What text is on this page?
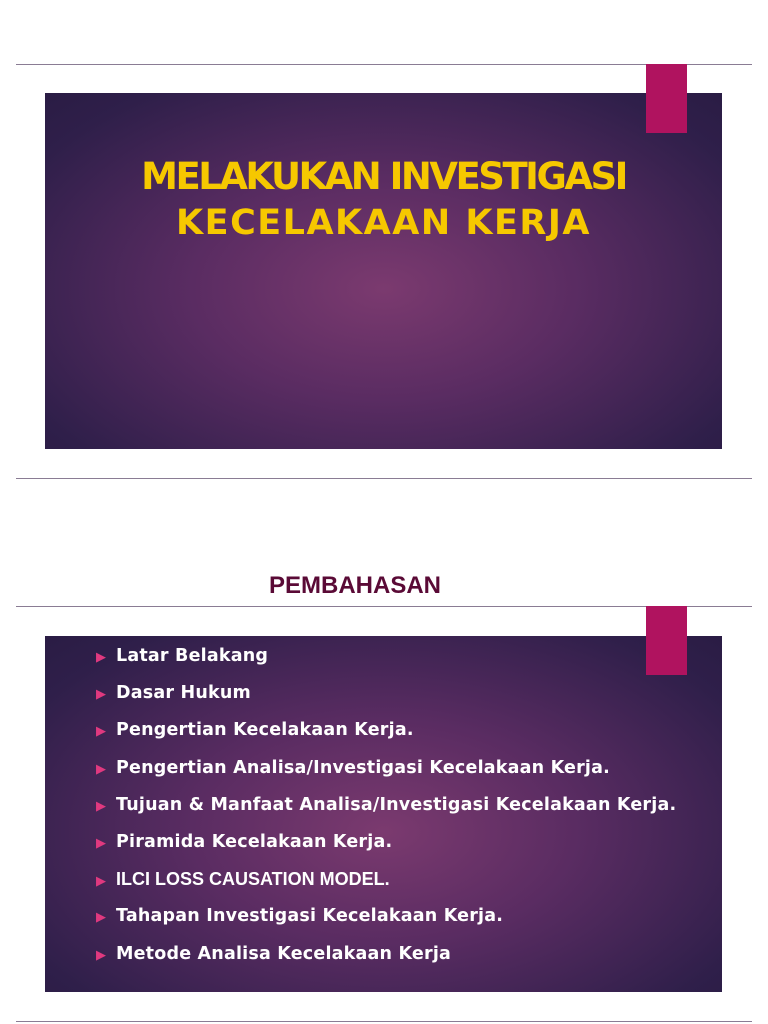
MELAKUKAN INVESTIGASI
KECELAKAAN KERJA
PEMBAHASAN
▶ Latar Belakang
▶ Dasar Hukum
▶ Pengertian Kecelakaan Kerja.
▶ Pengertian Analisa/Investigasi Kecelakaan Kerja.
▶ Tujuan & Manfaat Analisa/Investigasi Kecelakaan Kerja.
▶ Piramida Kecelakaan Kerja.
▶ ILCI LOSS CAUSATION MODEL.
▶ Tahapan Investigasi Kecelakaan Kerja.
▶ Metode Analisa Kecelakaan Kerja
